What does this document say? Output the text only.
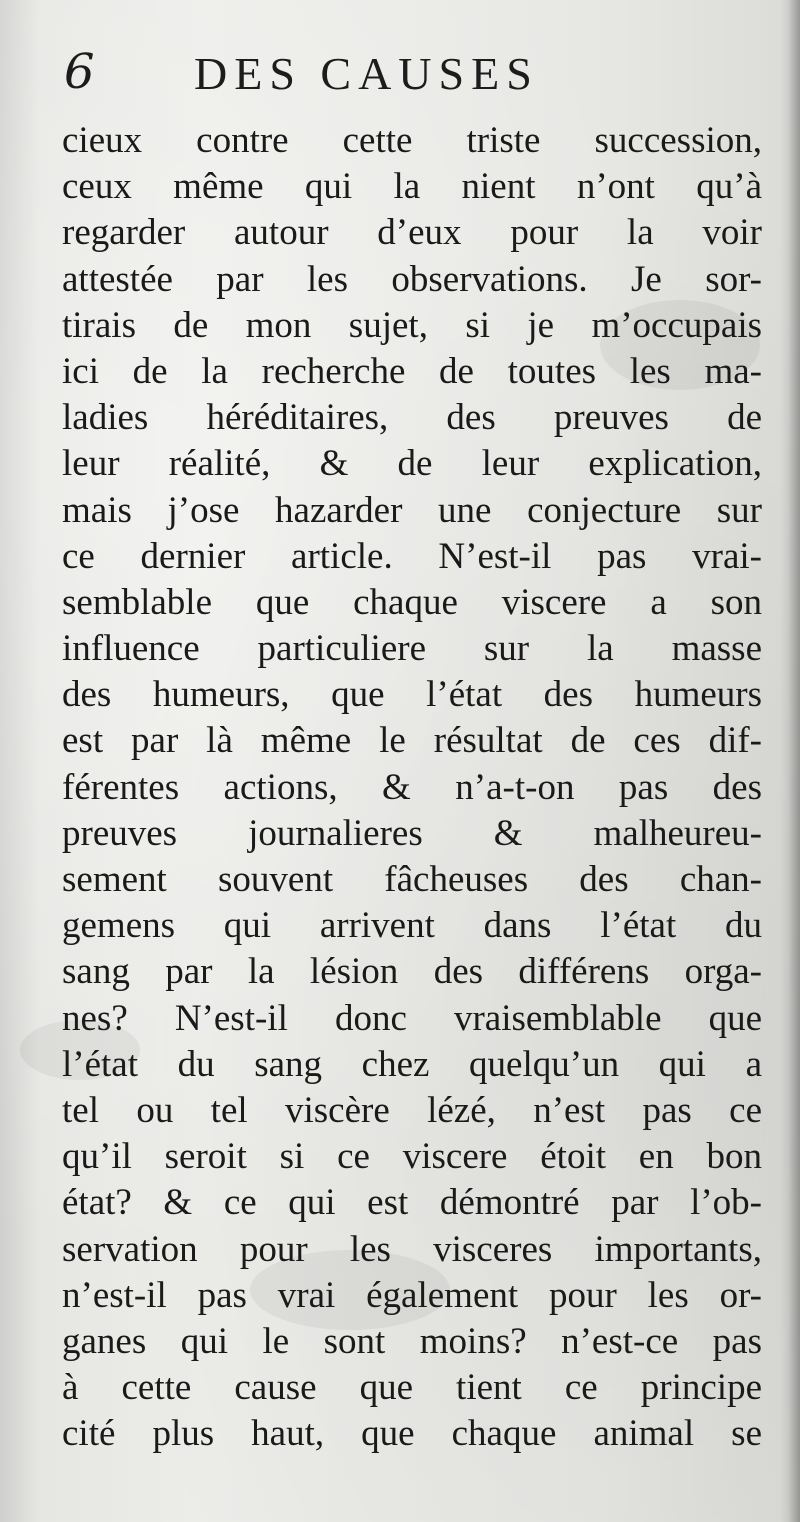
6 DES CAUSES
cieux contre cette triste succession,
ceux même qui la nient n’ont qu’à
regarder autour d’eux pour la voir
attestée par les observations. Je sor-
tirais de mon sujet, si je m’occupais
ici de la recherche de toutes les ma-
ladies héréditaires, des preuves de
leur réalité, & de leur explication,
mais j’ose hazarder une conjecture sur
ce dernier article. N’est-il pas vrai-
semblable que chaque viscere a son
influence particuliere sur la masse
des humeurs, que l’état des humeurs
est par là même le résultat de ces dif-
férentes actions, & n’a-t-on pas des
preuves journalieres & malheureu-
sement souvent fâcheuses des chan-
gemens qui arrivent dans l’état du
sang par la lésion des différens orga-
nes? N’est-il donc vraisemblable que
l’état du sang chez quelqu’un qui a
tel ou tel viscère lézé, n’est pas ce
qu’il seroit si ce viscere étoit en bon
état? & ce qui est démontré par l’ob-
servation pour les visceres importants,
n’est-il pas vrai également pour les or-
ganes qui le sont moins? n’est-ce pas
à cette cause que tient ce principe
cité plus haut, que chaque animal se
